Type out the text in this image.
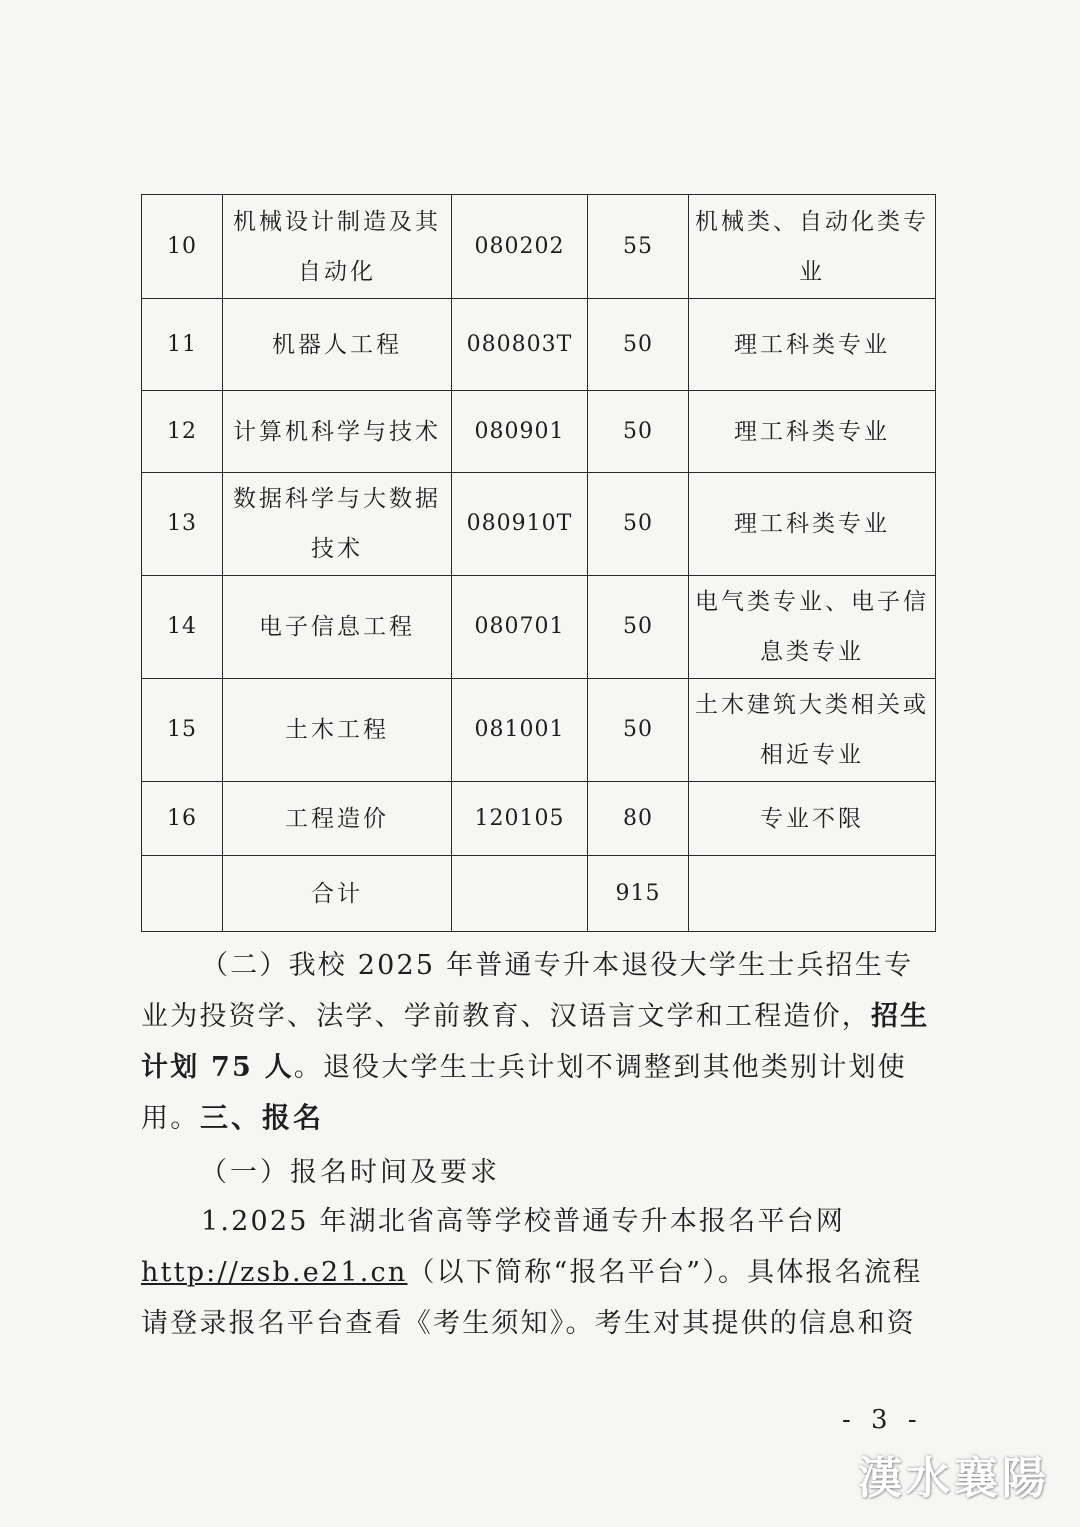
10	机械设计制造及其自动化	080202	55	机械类、自动化类专业
11	机器人工程	080803T	50	理工科类专业
12	计算机科学与技术	080901	50	理工科类专业
13	数据科学与大数据技术	080910T	50	理工科类专业
14	电子信息工程	080701	50	电气类专业、电子信息类专业
15	土木工程	081001	50	土木建筑大类相关或相近专业
16	工程造价	120105	80	专业不限
	合计		915	

（二）我校 2025 年普通专升本退役大学生士兵招生专业为投资学、法学、学前教育、汉语言文学和工程造价，招生计划 75 人。退役大学生士兵计划不调整到其他类别计划使用。 三、报名
（一）报名时间及要求

1.2025 年湖北省高等学校普通专升本报名平台网http://zsb.e21.cn（以下简称“报名平台”）。具体报名流程请登录报名平台查看《考生须知》。考生对其提供的信息和资

- 3 -
漢水襄陽
